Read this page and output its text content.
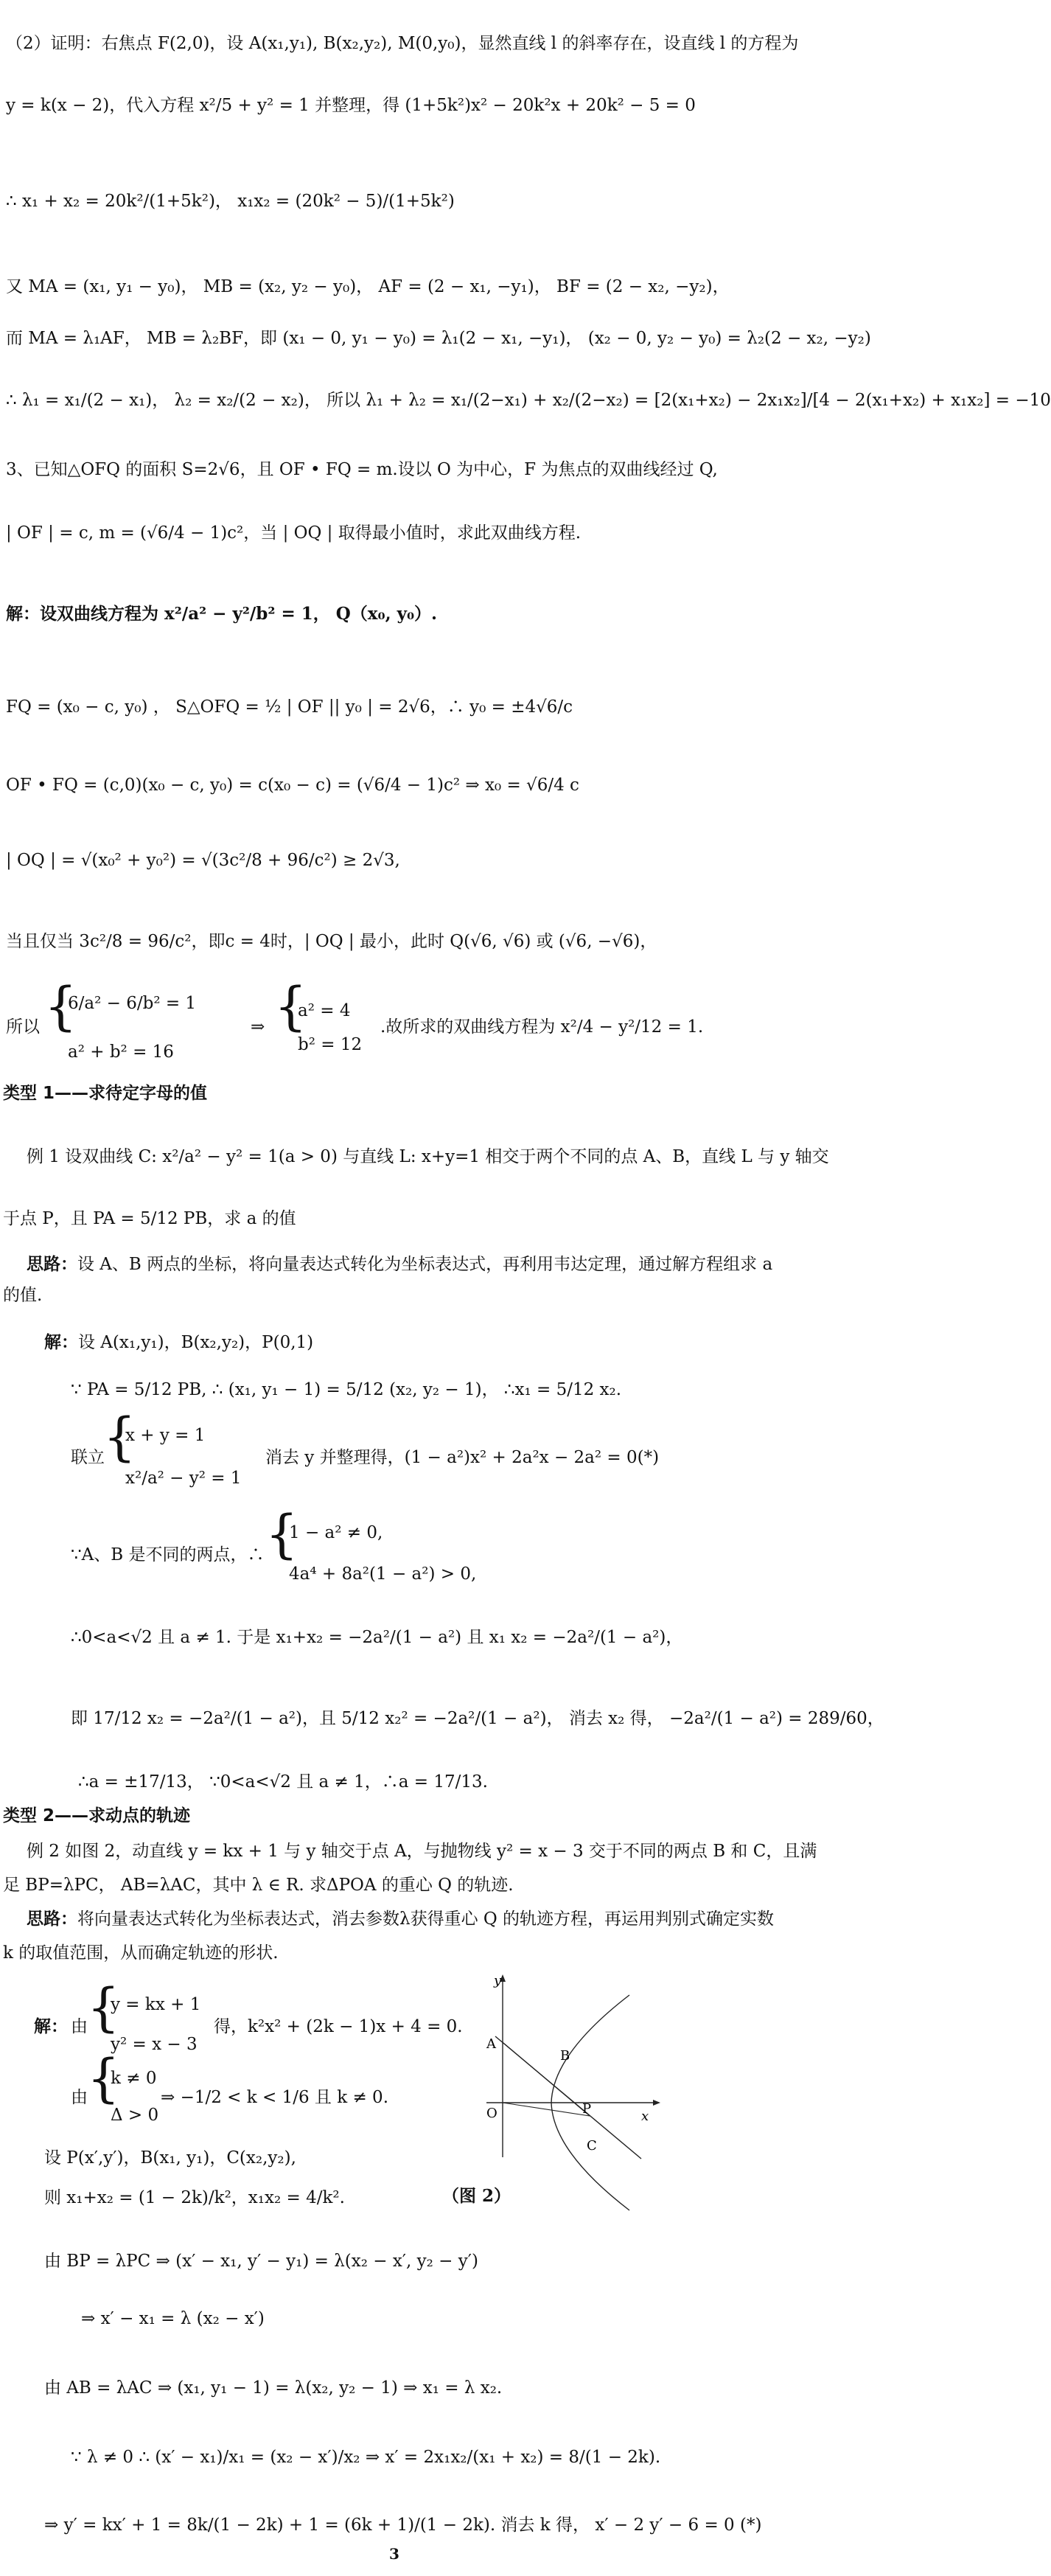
（2）证明：右焦点 F(2,0)，设 A(x₁,y₁), B(x₂,y₂), M(0,y₀)，显然直线 l 的斜率存在，设直线 l 的方程为
y = k(x − 2)，代入方程 x²/5 + y² = 1 并整理，得 (1+5k²)x² − 20k²x + 20k² − 5 = 0
∴ x₁ + x₂ = 20k²/(1+5k²)， x₁x₂ = (20k² − 5)/(1+5k²)
又 MA = (x₁, y₁ − y₀)， MB = (x₂, y₂ − y₀)， AF = (2 − x₁, −y₁)， BF = (2 − x₂, −y₂)，
而 MA = λ₁AF， MB = λ₂BF，即 (x₁ − 0, y₁ − y₀) = λ₁(2 − x₁, −y₁)， (x₂ − 0, y₂ − y₀) = λ₂(2 − x₂, −y₂)
∴ λ₁ = x₁/(2 − x₁)， λ₂ = x₂/(2 − x₂)， 所以 λ₁ + λ₂ = x₁/(2−x₁) + x₂/(2−x₂) = [2(x₁+x₂) − 2x₁x₂]/[4 − 2(x₁+x₂) + x₁x₂] = −10
3、已知△OFQ 的面积 S=2√6，且 OF • FQ = m.设以 O 为中心，F 为焦点的双曲线经过 Q,
| OF | = c, m = (√6/4 − 1)c²，当 | OQ | 取得最小值时，求此双曲线方程.
解：设双曲线方程为 x²/a² − y²/b² = 1， Q（x₀, y₀）.
FQ = (x₀ − c, y₀) ， S△OFQ = ½ | OF || y₀ | = 2√6，∴ y₀ = ±4√6/c
OF • FQ = (c,0)(x₀ − c, y₀) = c(x₀ − c) = (√6/4 − 1)c² ⇒ x₀ = √6/4 c
| OQ | = √(x₀² + y₀²) = √(3c²/8 + 96/c²) ≥ 2√3,
当且仅当 3c²/8 = 96/c²，即c = 4时，| OQ | 最小，此时 Q(√6, √6) 或 (√6, −√6)，
所以 {
6/a² − 6/b² = 1
a² + b² = 16
⇒ {
a² = 4
b² = 12
.故所求的双曲线方程为 x²/4 − y²/12 = 1.
类型 1——求待定字母的值
例 1 设双曲线 C: x²/a² − y² = 1(a > 0) 与直线 L: x+y=1 相交于两个不同的点 A、B，直线 L 与 y 轴交
于点 P，且 PA = 5/12 PB，求 a 的值
思路：设 A、B 两点的坐标，将向量表达式转化为坐标表达式，再利用韦达定理，通过解方程组求 a
的值.
解：设 A(x₁,y₁)，B(x₂,y₂)，P(0,1)
∵ PA = 5/12 PB, ∴ (x₁, y₁ − 1) = 5/12 (x₂, y₂ − 1)， ∴x₁ = 5/12 x₂.
联立
{
x + y = 1
x²/a² − y² = 1
消去 y 并整理得，(1 − a²)x² + 2a²x − 2a² = 0(*)
∵A、B 是不同的两点，∴ {
1 − a² ≠ 0,
4a⁴ + 8a²(1 − a²) > 0,
∴0<a<√2 且 a ≠ 1. 于是 x₁+x₂ = −2a²/(1 − a²) 且 x₁ x₂ = −2a²/(1 − a²)，
即 17/12 x₂ = −2a²/(1 − a²)，且 5/12 x₂² = −2a²/(1 − a²)， 消去 x₂ 得， −2a²/(1 − a²) = 289/60，
∴a = ±17/13， ∵0<a<√2 且 a ≠ 1，∴a = 17/13.
类型 2——求动点的轨迹
例 2 如图 2，动直线 y = kx + 1 与 y 轴交于点 A，与抛物线 y² = x − 3 交于不同的两点 B 和 C，且满
足 BP=λPC， AB=λAC，其中 λ ∈ R. 求ΔPOA 的重心 Q 的轨迹.
思路：将向量表达式转化为坐标表达式，消去参数λ获得重心 Q 的轨迹方程，再运用判别式确定实数
k 的取值范围，从而确定轨迹的形状.
解： 由 {
y = kx + 1
y² = x − 3
得，k²x² + (2k − 1)x + 4 = 0.
由 {
k ≠ 0
Δ > 0
⇒ −1/2 < k < 1/6 且 k ≠ 0.
设 P(x′,y′)，B(x₁, y₁)，C(x₂,y₂),
则 x₁+x₂ = (1 − 2k)/k²，x₁x₂ = 4/k².
由 BP = λPC ⇒ (x′ − x₁, y′ − y₁) = λ(x₂ − x′, y₂ − y′)
⇒ x′ − x₁ = λ (x₂ − x′)
由 AB = λAC ⇒ (x₁, y₁ − 1) = λ(x₂, y₂ − 1) ⇒ x₁ = λ x₂.
∵ λ ≠ 0 ∴ (x′ − x₁)/x₁ = (x₂ − x′)/x₂ ⇒ x′ = 2x₁x₂/(x₁ + x₂) = 8/(1 − 2k).
⇒ y′ = kx′ + 1 = 8k/(1 − 2k) + 1 = (6k + 1)/(1 − 2k). 消去 k 得， x′ − 2 y′ − 6 = 0 (*)
y
A
B
O	P
C
x
（图 2）
3
